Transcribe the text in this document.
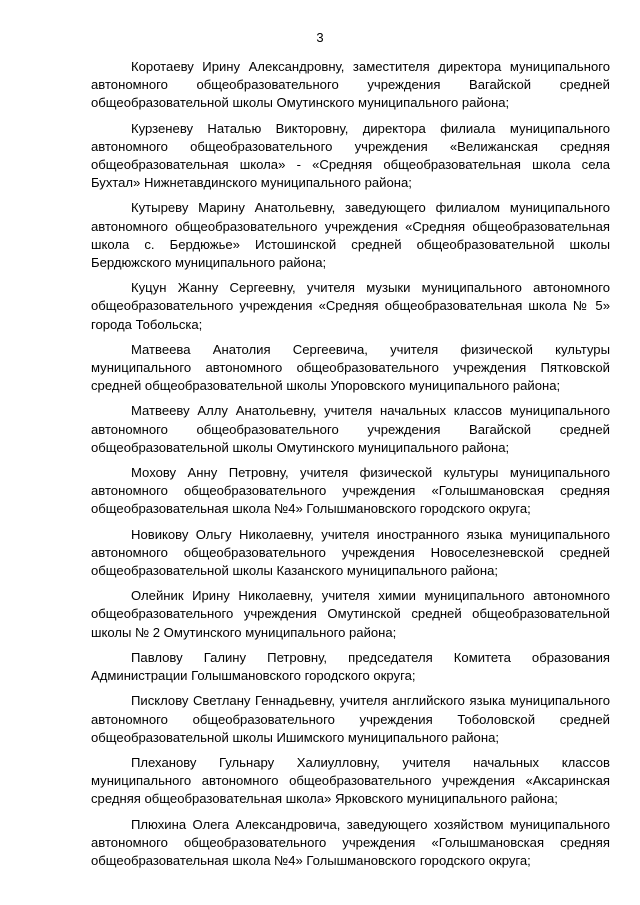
3

Коротаеву Ирину Александровну, заместителя директора муниципального автономного общеобразовательного учреждения Вагайской средней общеобразовательной школы Омутинского муниципального района;

Курзеневу Наталью Викторовну, директора филиала муниципального автономного общеобразовательного учреждения «Велижанская средняя общеобразовательная школа» - «Средняя общеобразовательная школа села Бухтал» Нижнетавдинского муниципального района;

Кутыреву Марину Анатольевну, заведующего филиалом муниципального автономного общеобразовательного учреждения «Средняя общеобразовательная школа с. Бердюжье» Истошинской средней общеобразовательной школы Бердюжского муниципального района;

Куцун Жанну Сергеевну, учителя музыки муниципального автономного общеобразовательного учреждения «Средняя общеобразовательная школа № 5» города Тобольска;

Матвеева Анатолия Сергеевича, учителя физической культуры муниципального автономного общеобразовательного учреждения Пятковской средней общеобразовательной школы Упоровского муниципального района;

Матвееву Аллу Анатольевну, учителя начальных классов муниципального автономного общеобразовательного учреждения Вагайской средней общеобразовательной школы Омутинского муниципального района;

Мохову Анну Петровну, учителя физической культуры муниципального автономного общеобразовательного учреждения «Голышмановская средняя общеобразовательная школа №4» Голышмановского городского округа;

Новикову Ольгу Николаевну, учителя иностранного языка муниципального автономного общеобразовательного учреждения Новоселезневской средней общеобразовательной школы Казанского муниципального района;

Олейник Ирину Николаевну, учителя химии муниципального автономного общеобразовательного учреждения Омутинской средней общеобразовательной школы № 2 Омутинского муниципального района;

Павлову Галину Петровну, председателя Комитета образования Администрации Голышмановского городского округа;

Писклову Светлану Геннадьевну, учителя английского языка муниципального автономного общеобразовательного учреждения Тоболовской средней общеобразовательной школы Ишимского муниципального района;

Плеханову Гульнару Халиулловну, учителя начальных классов муниципального автономного общеобразовательного учреждения «Аксаринская средняя общеобразовательная школа» Ярковского муниципального района;

Плюхина Олега Александровича, заведующего хозяйством муниципального автономного общеобразовательного учреждения «Голышмановская средняя общеобразовательная школа №4» Голышмановского городского округа;
